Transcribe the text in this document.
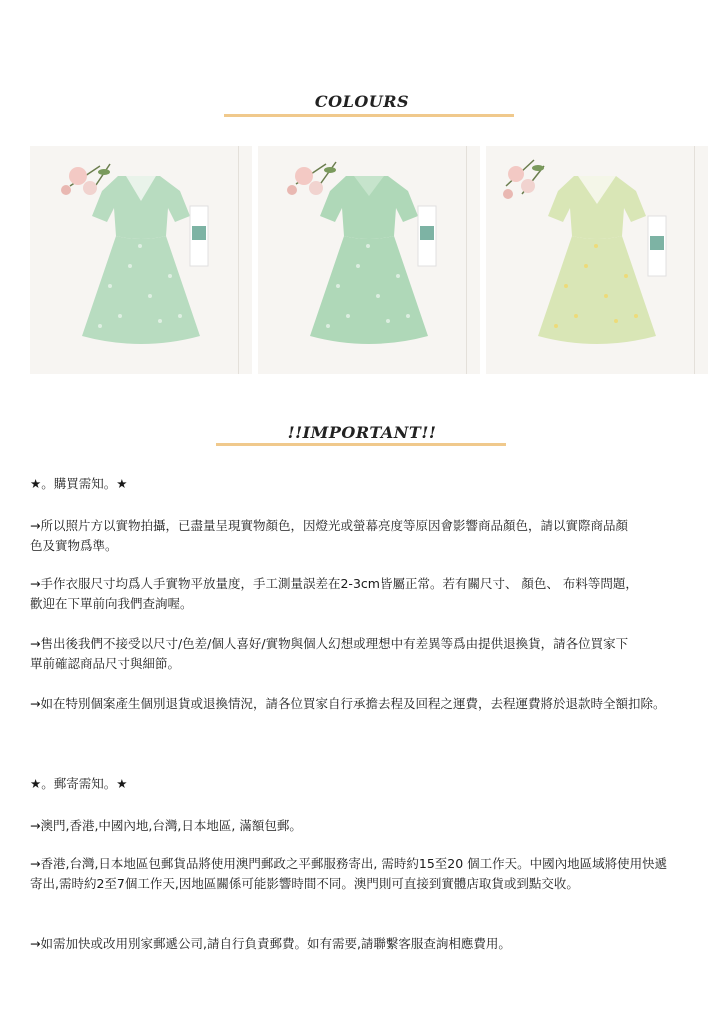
COLOURS
!!IMPORTANT!!

★。購買需知。★

→所以照片方以實物拍攝，已盡量呈現實物顏色，因燈光或螢幕亮度等原因會影響商品顏色，請以實際商品顏色及實物爲準。

→手作衣服尺寸均爲人手實物平放量度，手工測量誤差在2-3cm皆屬正常。若有關尺寸、 顏色、 布料等問題，歡迎在下單前向我們查詢喔。

→售出後我們不接受以尺寸/色差/個人喜好/實物與個人幻想或理想中有差異等爲由提供退換貨，請各位買家下單前確認商品尺寸與細節。

→如在特別個案產生個別退貨或退換情況，請各位買家自行承擔去程及回程之運費，去程運費將於退款時全額扣除。

★。郵寄需知。★

→澳門,香港,中國內地,台灣,日本地區, 滿額包郵。

→香港,台灣,日本地區包郵貨品將使用澳門郵政之平郵服務寄出, 需時約15至20 個工作天。中國內地區域將使用快遞寄出,需時約2至7個工作天,因地區關係可能影響時間不同。澳門則可直接到實體店取貨或到點交收。

→如需加快或改用別家郵遞公司,請自行負責郵費。如有需要,請聯繫客服查詢相應費用。
